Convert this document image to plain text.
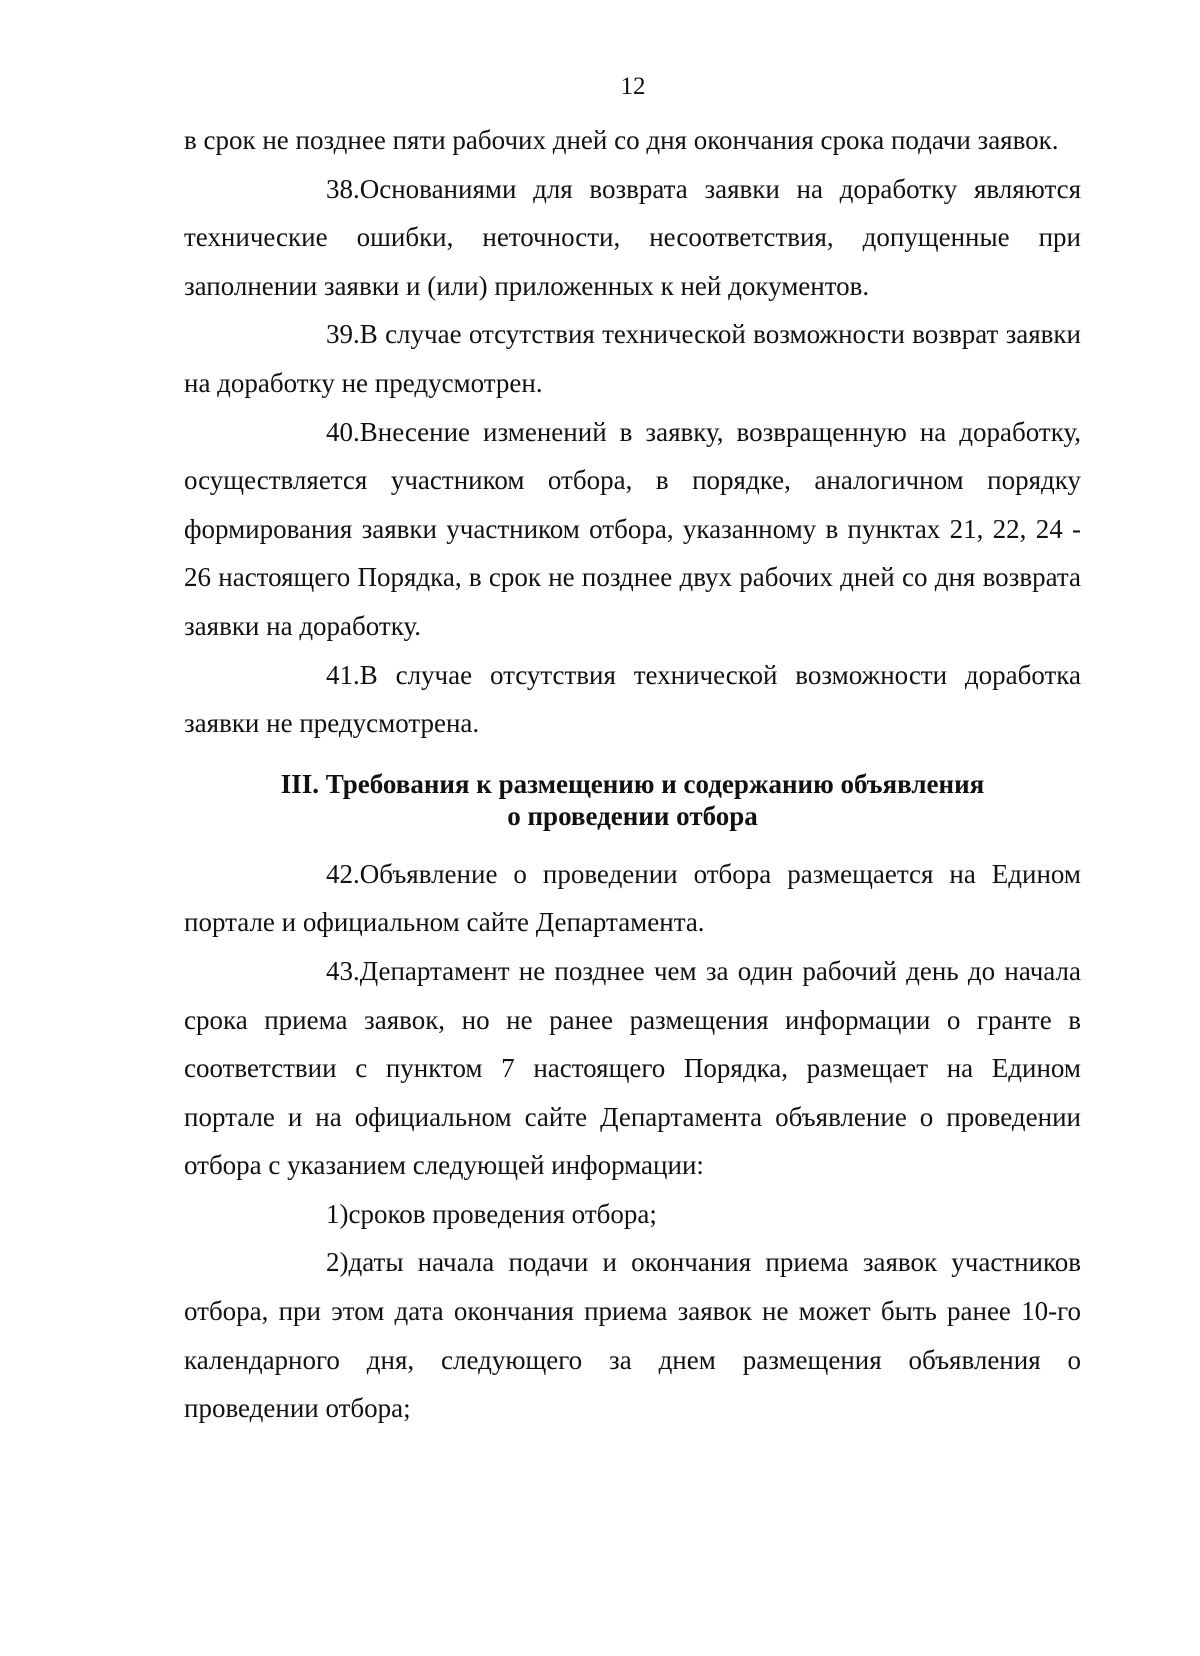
12

в срок не позднее пяти рабочих дней со дня окончания срока подачи заявок.

38.Основаниями для возврата заявки на доработку являются технические ошибки, неточности, несоответствия, допущенные при заполнении заявки и (или) приложенных к ней документов.

39.В случае отсутствия технической возможности возврат заявки на доработку не предусмотрен.

40.Внесение изменений в заявку, возвращенную на доработку, осуществляется участником отбора, в порядке, аналогичном порядку формирования заявки участником отбора, указанному в пунктах 21, 22, 24 - 26 настоящего Порядка, в срок не позднее двух рабочих дней со дня возврата заявки на доработку.

41.В случае отсутствия технической возможности доработка заявки не предусмотрена.

III. Требования к размещению и содержанию объявления
о проведении отбора

42.Объявление о проведении отбора размещается на Едином портале и официальном сайте Департамента.

43.Департамент не позднее чем за один рабочий день до начала срока приема заявок, но не ранее размещения информации о гранте в соответствии с пунктом 7 настоящего Порядка, размещает на Едином портале и на официальном сайте Департамента объявление о проведении отбора с указанием следующей информации:

1)сроков проведения отбора;

2)даты начала подачи и окончания приема заявок участников отбора, при этом дата окончания приема заявок не может быть ранее 10-го календарного дня, следующего за днем размещения объявления о проведении отбора;
